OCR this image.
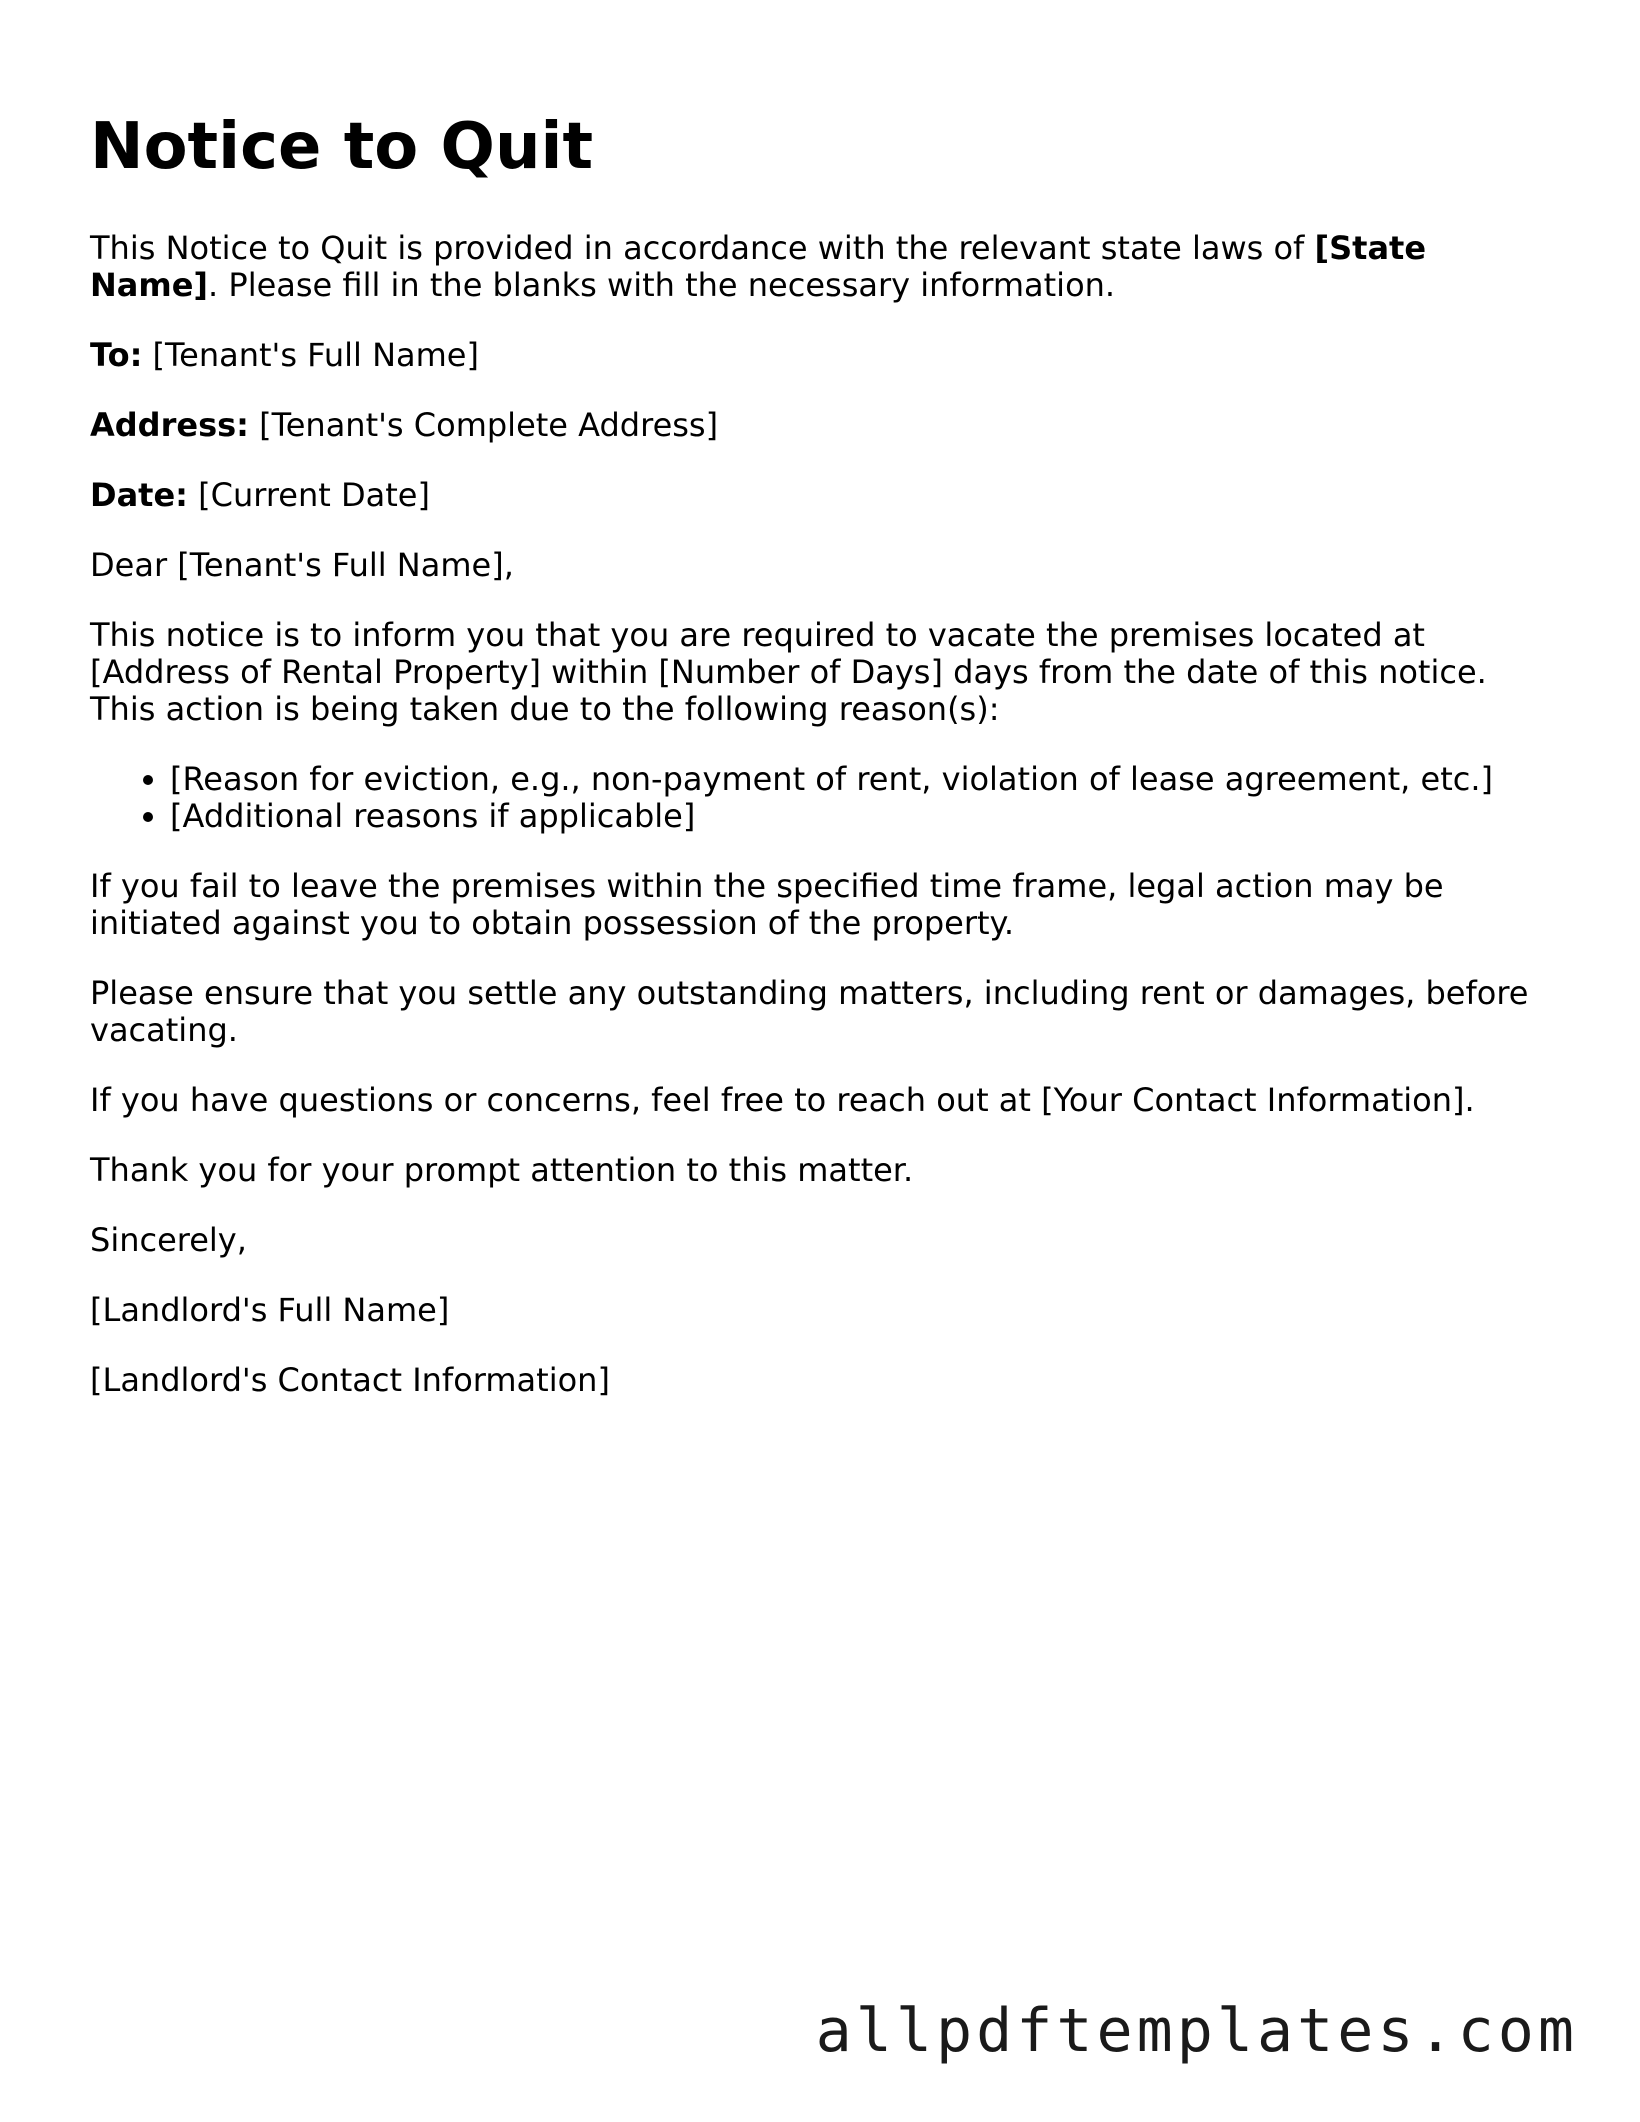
Notice to Quit

This Notice to Quit is provided in accordance with the relevant state laws of [State Name]. Please fill in the blanks with the necessary information.

To: [Tenant's Full Name]

Address: [Tenant's Complete Address]

Date: [Current Date]

Dear [Tenant's Full Name],

This notice is to inform you that you are required to vacate the premises located at [Address of Rental Property] within [Number of Days] days from the date of this notice. This action is being taken due to the following reason(s):

• [Reason for eviction, e.g., non-payment of rent, violation of lease agreement, etc.]
• [Additional reasons if applicable]

If you fail to leave the premises within the specified time frame, legal action may be initiated against you to obtain possession of the property.

Please ensure that you settle any outstanding matters, including rent or damages, before vacating.

If you have questions or concerns, feel free to reach out at [Your Contact Information].

Thank you for your prompt attention to this matter.

Sincerely,

[Landlord's Full Name]

[Landlord's Contact Information]

allpdftemplates.com
